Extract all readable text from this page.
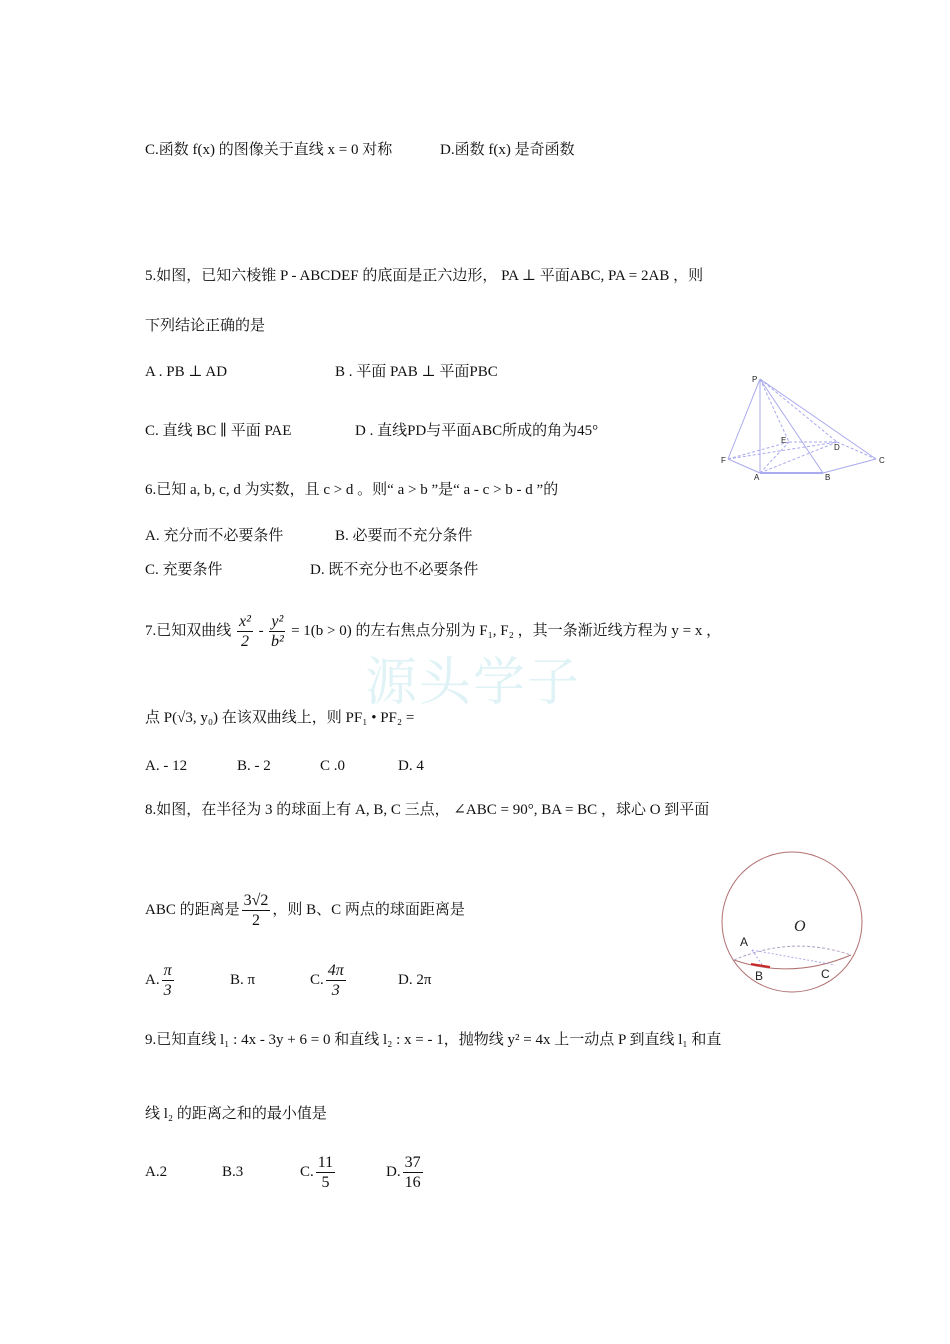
C.函数 f(x) 的图像关于直线 x = 0 对称	D.函数 f(x) 是奇函数
5.如图，已知六棱锥 P - ABCDEF 的底面是正六边形， PA ⊥ 平面ABC, PA = 2AB ，则
下列结论正确的是
A . PB ⊥ AD	B . 平面 PAB ⊥ 平面PBC
C. 直线 BC ∥ 平面 PAE	D . 直线PD与平面ABC所成的角为45°
P
E
D
F	C
A	B
6.已知 a, b, c, d 为实数，且 c > d 。则“ a > b ”是“ a - c > b - d ”的
A. 充分而不必要条件	B. 必要而不充分条件
C. 充要条件	D. 既不充分也不必要条件
7.已知双曲线 $\frac{\text{x²}}{2} - \frac{\text{y²}}{\text{b²}} = 1(b > 0)$ 的左右焦点分别为 F₁, F₂ ，其一条渐近线方程为 y = x ，
源头学子
点 P(√3, y₀) 在该双曲线上，则 PF₁ • PF₂ =
A. - 12	B. - 2	C .0	D. 4
8.如图，在半径为 3 的球面上有 A, B, C 三点， ∠ABC = 90°, BA = BC ，球心 O 到平面
ABC 的距离是 $\frac{3√2}{2}$ ，则 B、C 两点的球面距离是
A. $\frac{\pi}{3}$	B. π	C. $\frac{4\pi}{3}$	D. 2π
O
A
B	C
9.已知直线 l₁ : 4x - 3y + 6 = 0 和直线 l₂ : x = - 1，抛物线 y² = 4x 上一动点 P 到直线 l₁ 和直
线 l₂ 的距离之和的最小值是
A.2	B.3	C. $\frac{11}{5}$	D. $\frac{37}{16}$
